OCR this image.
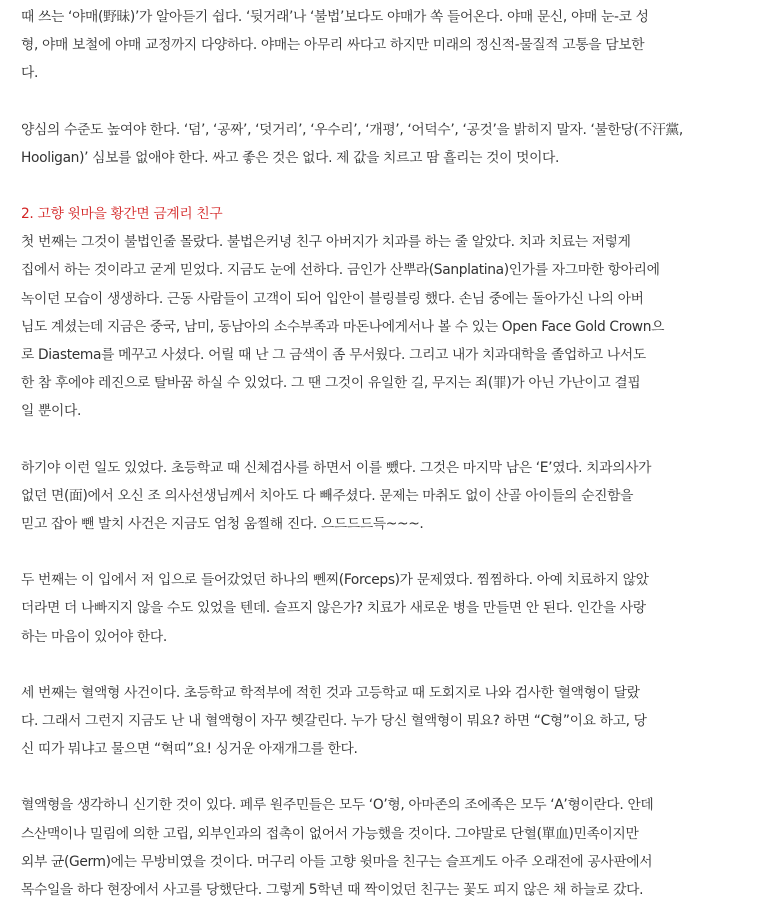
때 쓰는 ‘야매(野昧)’가 알아듣기 쉽다. ‘뒷거래’나 ‘불법’보다도 야매가 쏙 들어온다. 야매 문신, 야매 눈-코 성
형, 야매 보철에 야매 교정까지 다양하다. 야매는 아무리 싸다고 하지만 미래의 정신적-물질적 고통을 담보한
다.
양심의 수준도 높여야 한다. ‘덤’, ‘공짜’, ‘덧거리’, ‘우수리’, ‘개평’, ‘어덕수’, ‘공것’을 밝히지 말자. ‘불한당(不汗黨,
Hooligan)’ 심보를 없애야 한다. 싸고 좋은 것은 없다. 제 값을 치르고 땀 흘리는 것이 멋이다.
2. 고향 윗마을 황간면 금계리 친구
첫 번째는 그것이 불법인줄 몰랐다. 불법은커녕 친구 아버지가 치과를 하는 줄 알았다. 치과 치료는 저렇게
집에서 하는 것이라고 굳게 믿었다. 지금도 눈에 선하다. 금인가 산뿌라(Sanplatina)인가를 자그마한 항아리에
녹이던 모습이 생생하다. 근동 사람들이 고객이 되어 입안이 블링블링 했다. 손님 중에는 돌아가신 나의 아버
님도 계셨는데 지금은 중국, 남미, 동남아의 소수부족과 마돈나에게서나 볼 수 있는 Open Face Gold Crown으
로 Diastema를 메꾸고 사셨다. 어릴 때 난 그 금색이 좀 무서웠다. 그리고 내가 치과대학을 졸업하고 나서도
한 참 후에야 레진으로 탈바꿈 하실 수 있었다. 그 땐 그것이 유일한 길, 무지는 죄(罪)가 아닌 가난이고 결핍
일 뿐이다.
하기야 이런 일도 있었다. 초등학교 때 신체검사를 하면서 이를 뺐다. 그것은 마지막 남은 ‘E’였다. 치과의사가
없던 면(面)에서 오신 조 의사선생님께서 치아도 다 빼주셨다. 문제는 마취도 없이 산골 아이들의 순진함을
믿고 잡아 뺀 발치 사건은 지금도 엄청 움찔해 진다. 으드드드득~~~.
두 번째는 이 입에서 저 입으로 들어갔었던 하나의 뻰찌(Forceps)가 문제였다. 찜찜하다. 아예 치료하지 않았
더라면 더 나빠지지 않을 수도 있었을 텐데. 슬프지 않은가? 치료가 새로운 병을 만들면 안 된다. 인간을 사랑
하는 마음이 있어야 한다.
세 번째는 혈액형 사건이다. 초등학교 학적부에 적힌 것과 고등학교 때 도회지로 나와 검사한 혈액형이 달랐
다. 그래서 그런지 지금도 난 내 혈액형이 자꾸 헷갈린다. 누가 당신 혈액형이 뭐요? 하면 “C형”이요 하고, 당
신 띠가 뭐냐고 물으면 “혁띠”요! 싱거운 아재개그를 한다.
혈액형을 생각하니 신기한 것이 있다. 페루 원주민들은 모두 ‘O’형, 아마존의 조에족은 모두 ‘A’형이란다. 안데
스산맥이나 밀림에 의한 고립, 외부인과의 접촉이 없어서 가능했을 것이다. 그야말로 단혈(單血)민족이지만
외부 균(Germ)에는 무방비였을 것이다. 머구리 아들 고향 윗마을 친구는 슬프게도 아주 오래전에 공사판에서
목수일을 하다 현장에서 사고를 당했단다. 그렇게 5학년 때 짝이었던 친구는 꽃도 피지 않은 채 하늘로 갔다.
